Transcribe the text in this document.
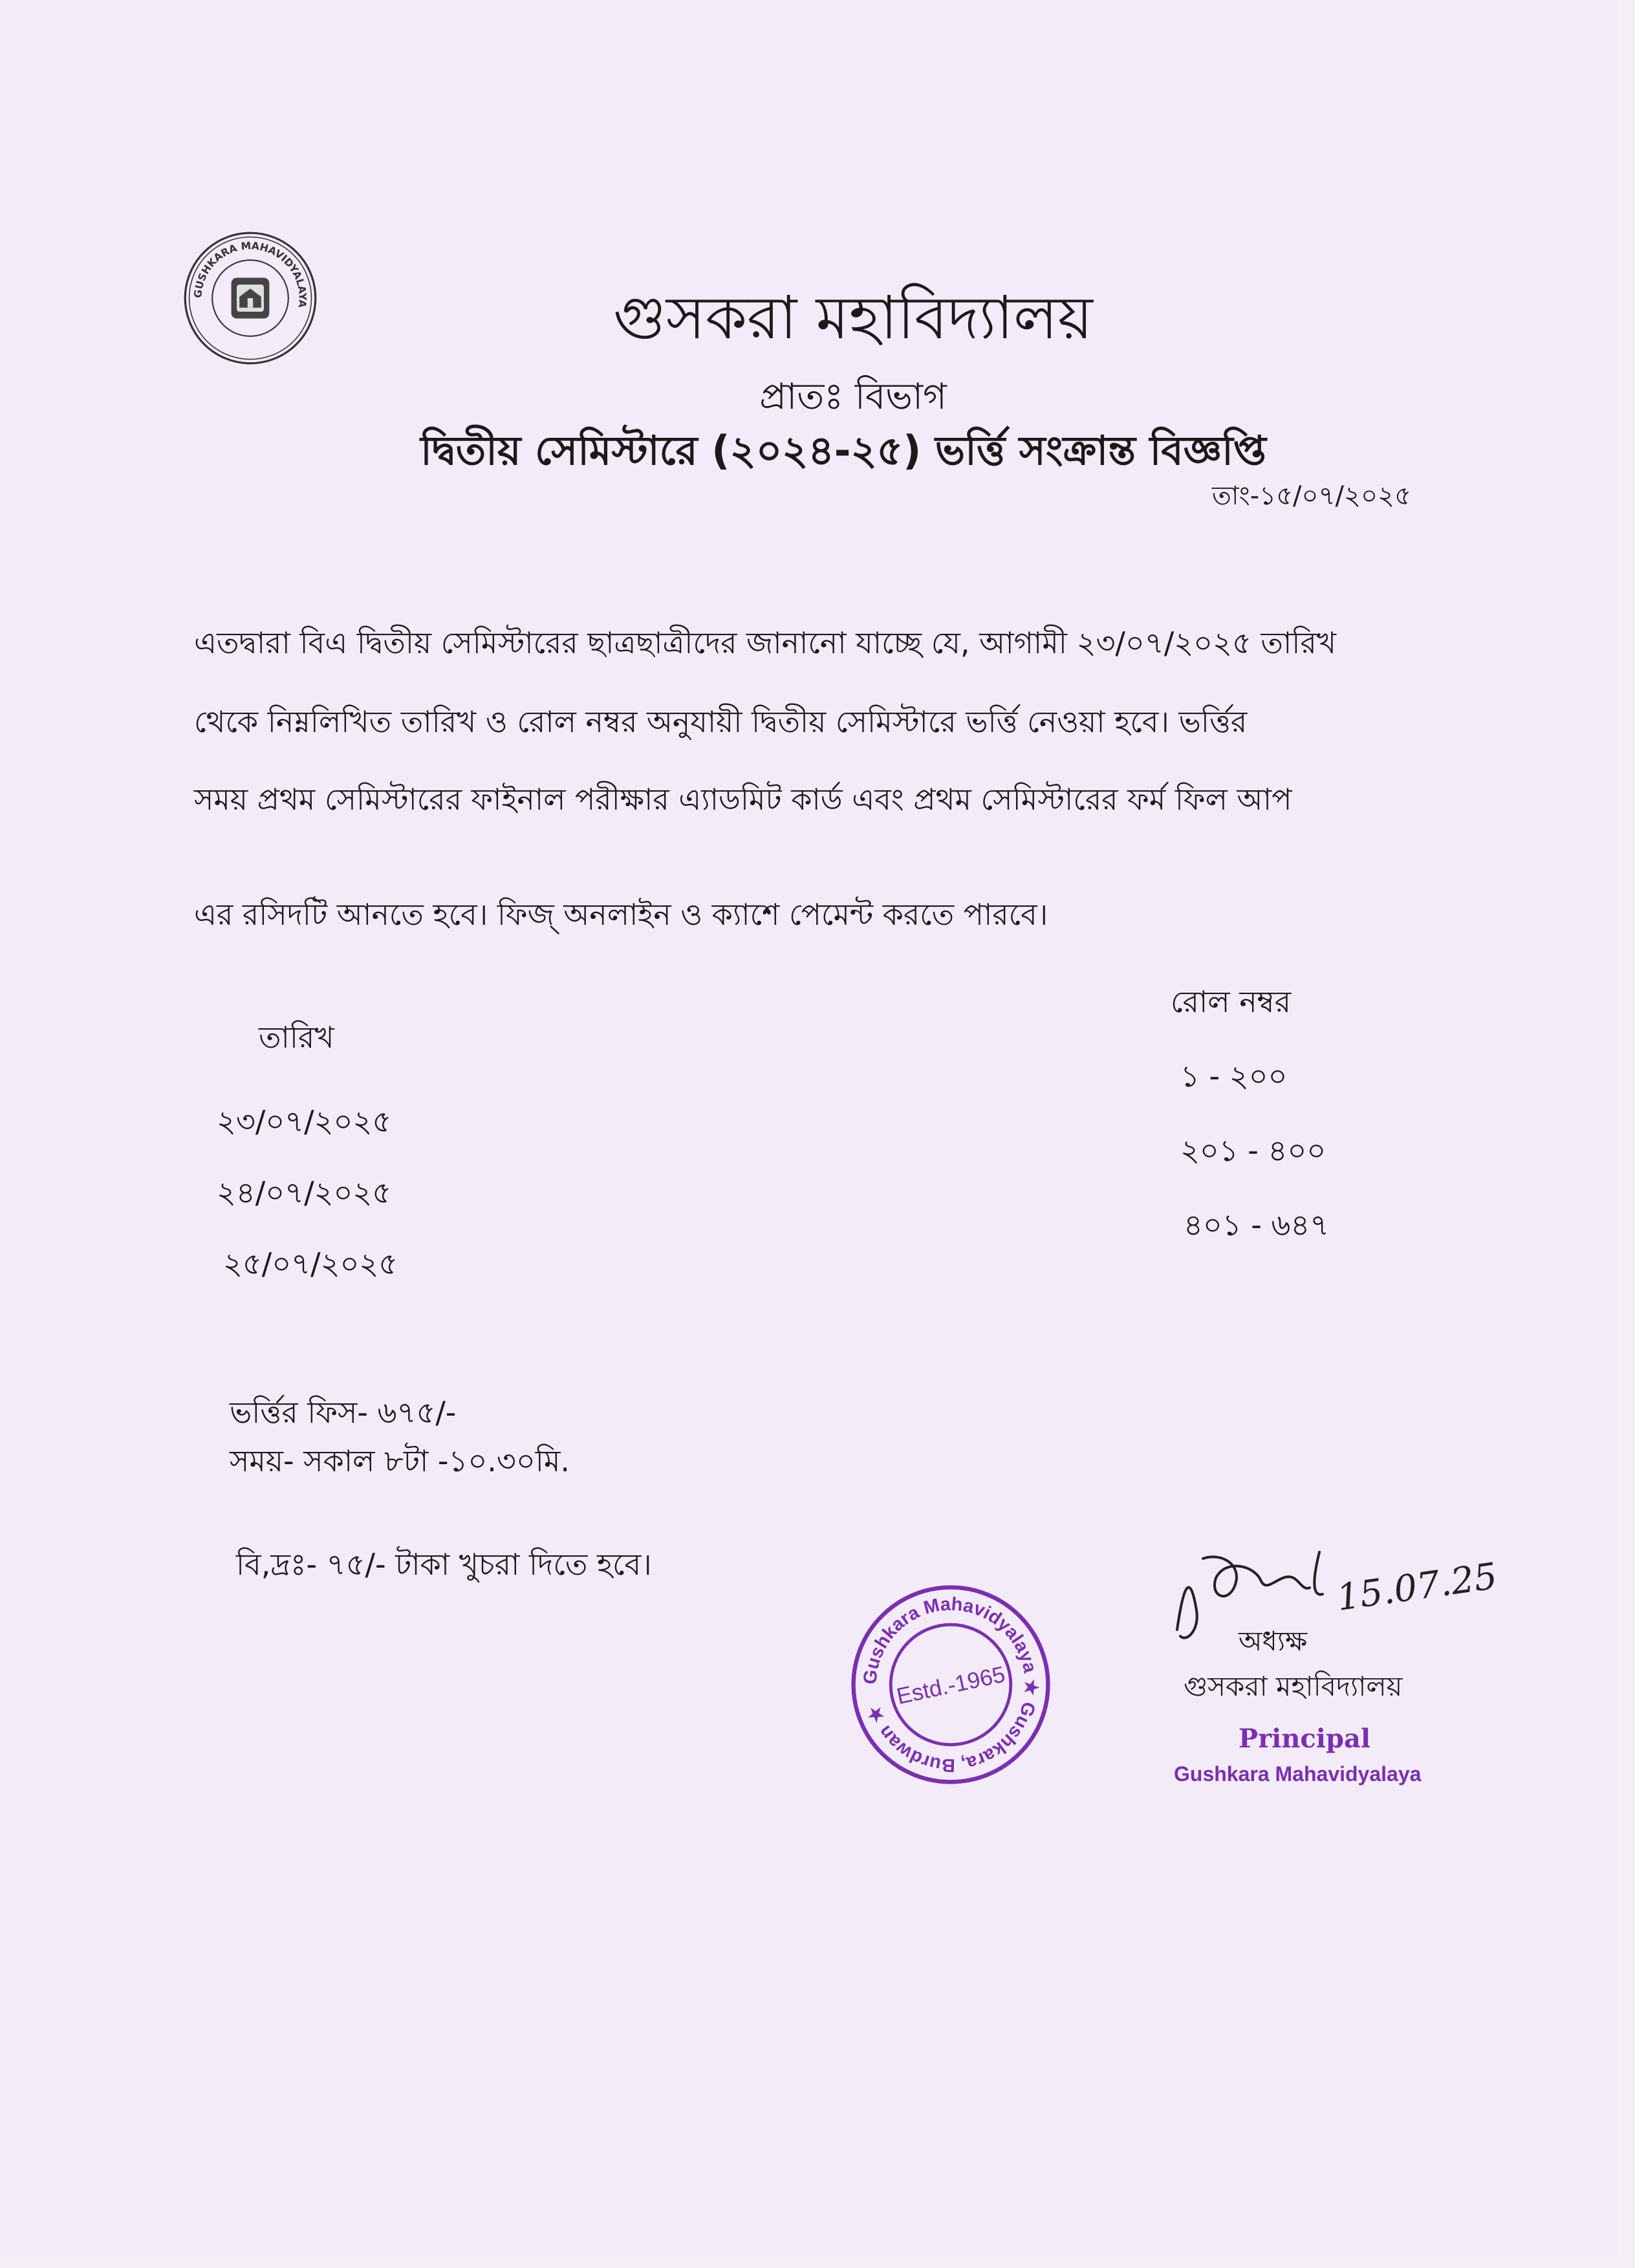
GUSHKARA MAHAVIDYALAYA	গুসকরা মহাবিদ্যালয়
প্রাতঃ বিভাগ
দ্বিতীয় সেমিস্টারে (২০২৪-২৫) ভর্ত্তি সংক্রান্ত বিজ্ঞপ্তি
তাং-১৫/০৭/২০২৫
এতদ্বারা বিএ দ্বিতীয় সেমিস্টারের ছাত্রছাত্রীদের জানানো যাচ্ছে যে, আগামী ২৩/০৭/২০২৫ তারিখ
থেকে নিম্নলিখিত তারিখ ও রোল নম্বর অনুযায়ী দ্বিতীয় সেমিস্টারে ভর্ত্তি নেওয়া হবে। ভর্ত্তির
সময় প্রথম সেমিস্টারের ফাইনাল পরীক্ষার এ্যাডমিট কার্ড এবং প্রথম সেমিস্টারের ফর্ম ফিল আপ
এর রসিদটি আনতে হবে। ফিজ্ অনলাইন ও ক্যাশে পেমেন্ট করতে পারবে।
তারিখ
রোল নম্বর
২৩/০৭/২০২৫
২৪/০৭/২০২৫
২৫/০৭/২০২৫
১ - ২০০
২০১ - ৪০০
৪০১ - ৬৪৭
ভর্ত্তির ফিস- ৬৭৫/-
সময়- সকাল ৮টা -১০.৩০মি.
বি,দ্রঃ- ৭৫/- টাকা খুচরা দিতে হবে।
Gushkara Mahavidyalaya ★ Gushkara, Burdwan ★
Estd.-1965
15.07.25
অধ্যক্ষ
গুসকরা মহাবিদ্যালয়
Principal
Gushkara Mahavidyalaya
